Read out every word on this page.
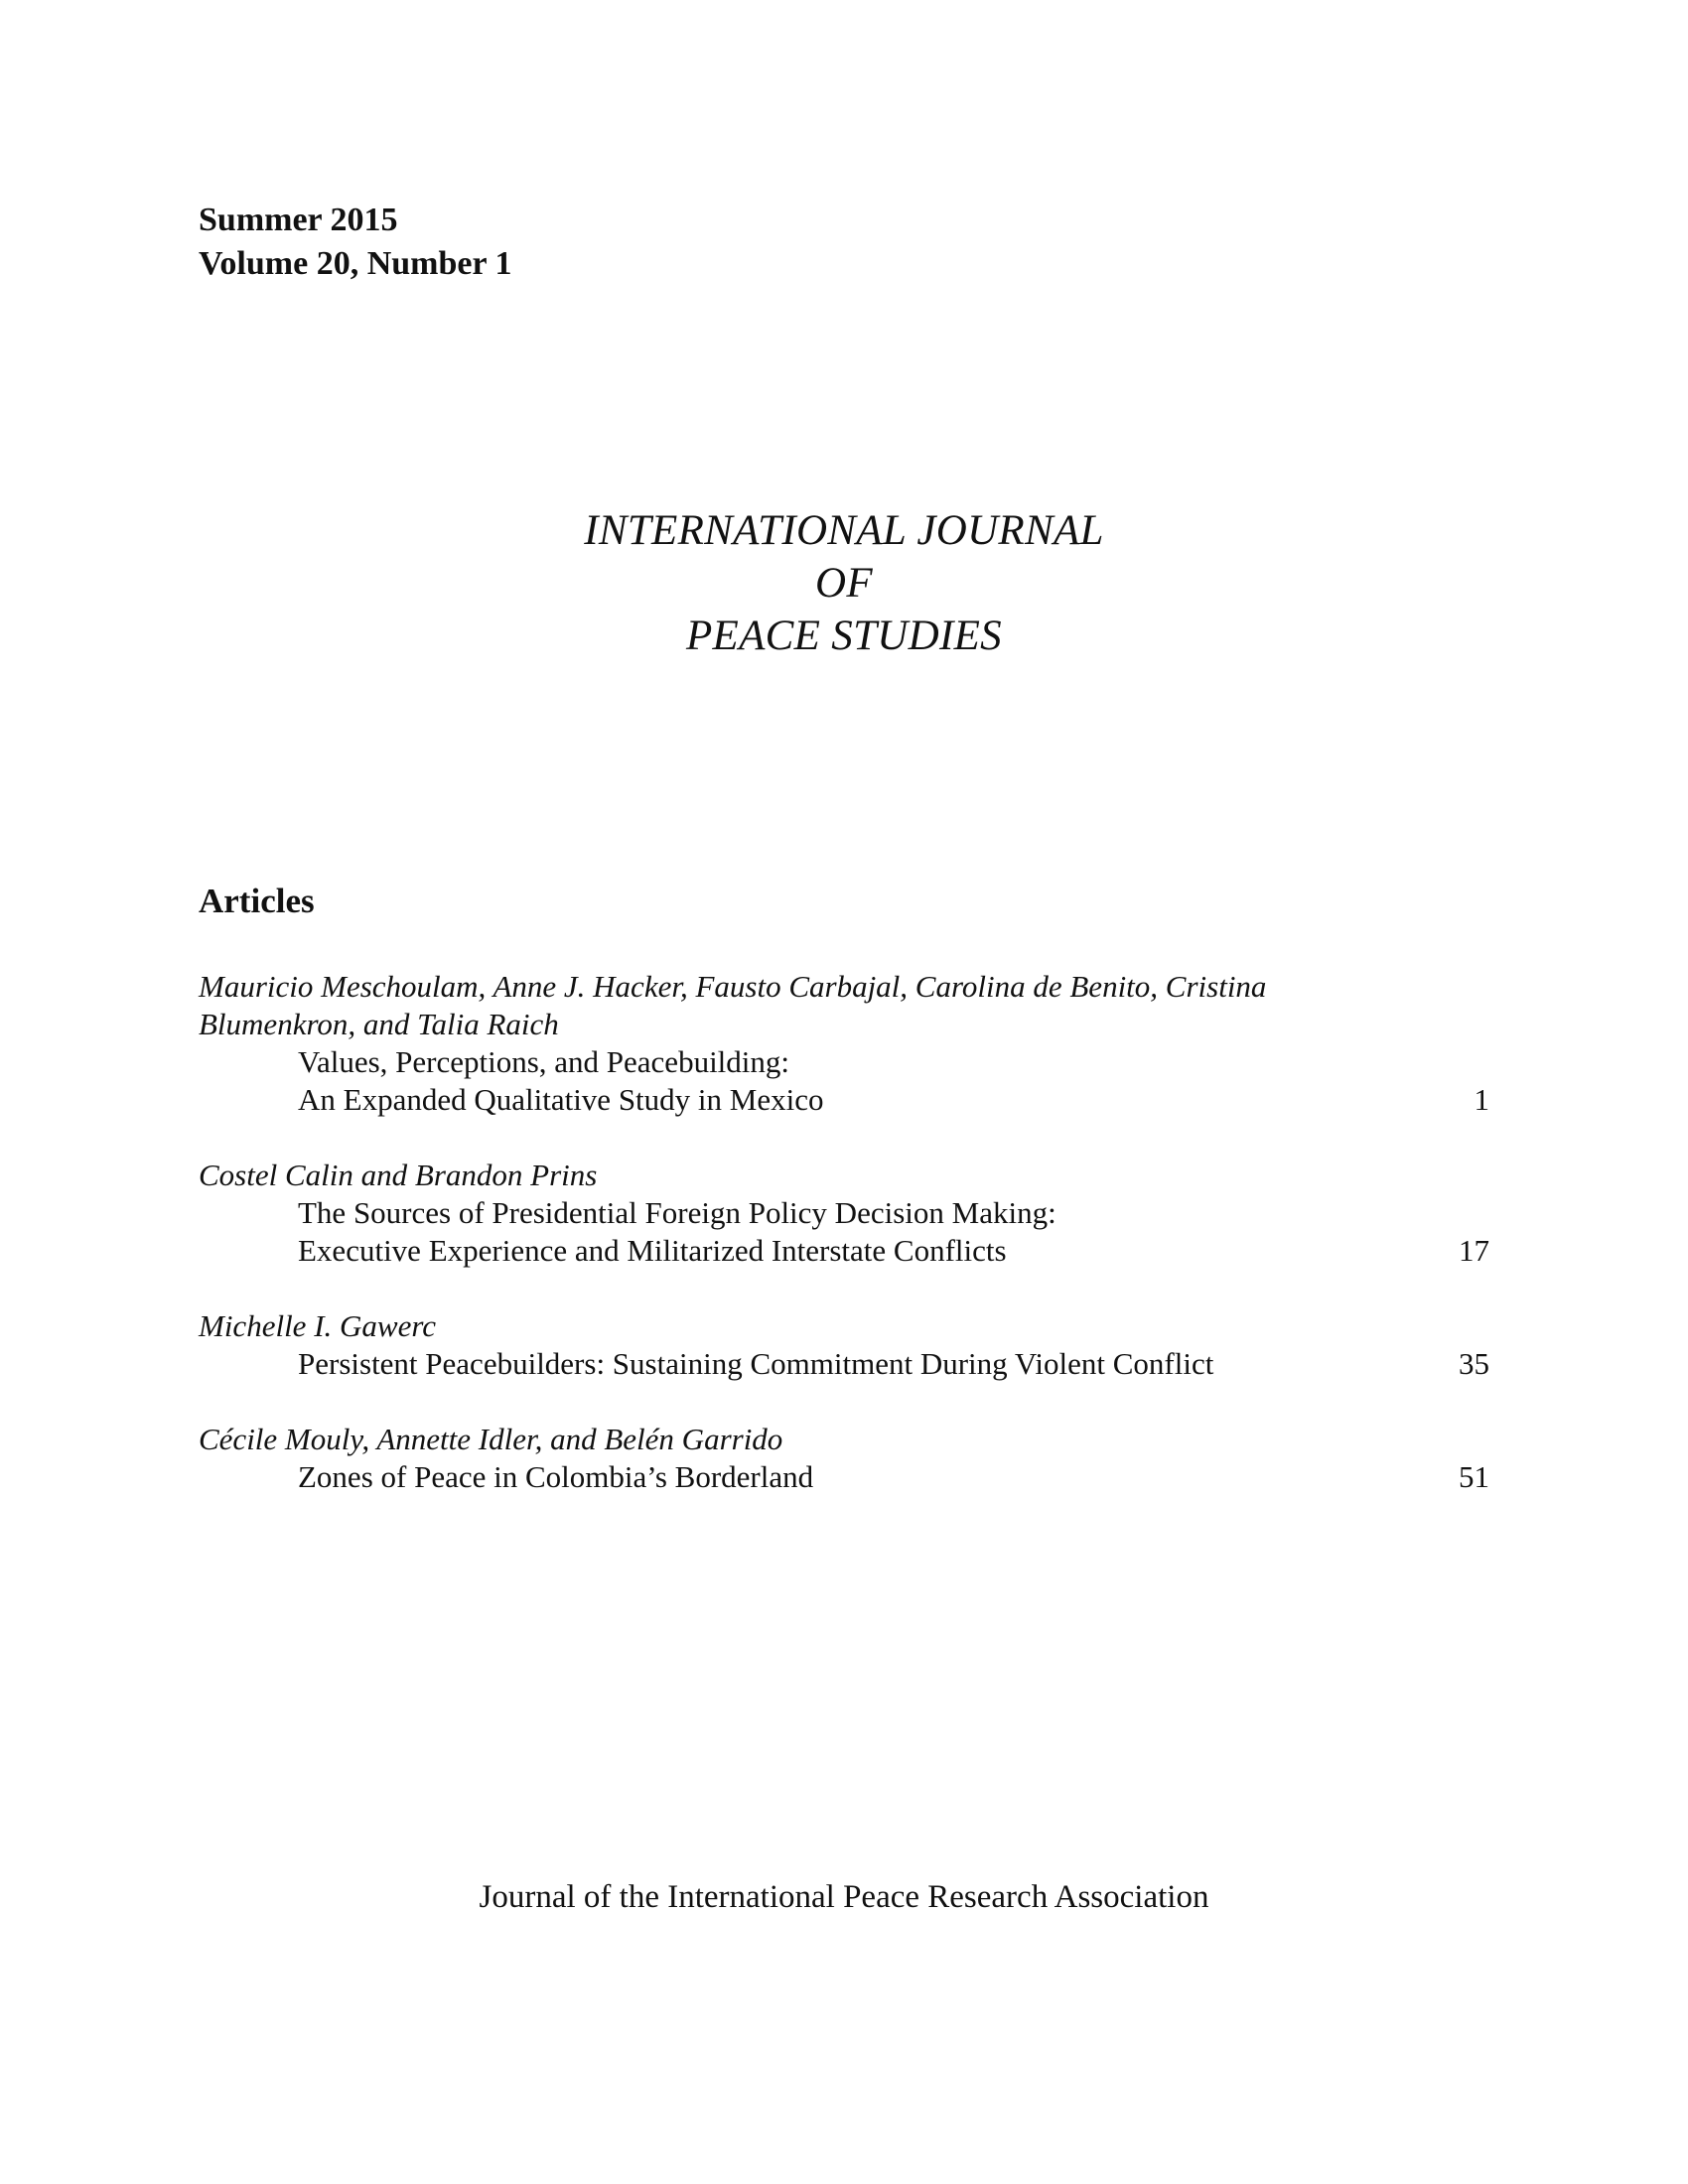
Summer 2015
Volume 20, Number 1
INTERNATIONAL JOURNAL
OF
PEACE STUDIES
Articles
Mauricio Meschoulam, Anne J. Hacker, Fausto Carbajal, Carolina de Benito, Cristina
Blumenkron, and Talia Raich
Values, Perceptions, and Peacebuilding:
An Expanded Qualitative Study in Mexico	1
Costel Calin and Brandon Prins
The Sources of Presidential Foreign Policy Decision Making:
Executive Experience and Militarized Interstate Conflicts	17
Michelle I. Gawerc
Persistent Peacebuilders: Sustaining Commitment During Violent Conflict	35
Cécile Mouly, Annette Idler, and Belén Garrido
Zones of Peace in Colombia’s Borderland	51
Journal of the International Peace Research Association
